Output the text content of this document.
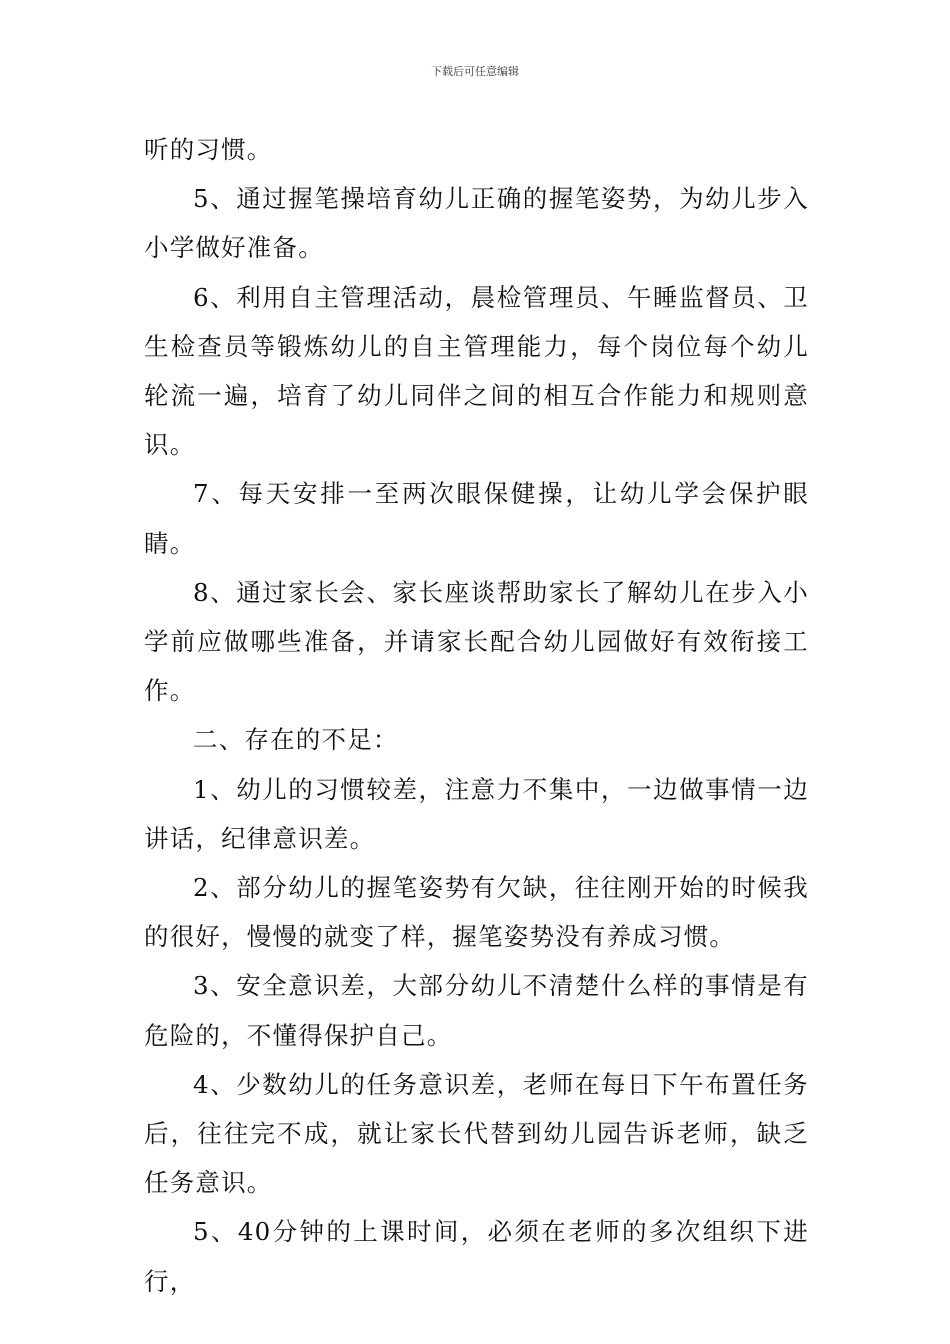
下载后可任意编辑

听的习惯。

5、通过握笔操培育幼儿正确的握笔姿势，为幼儿步入小学做好准备。

6、利用自主管理活动，晨检管理员、午睡监督员、卫生检查员等锻炼幼儿的自主管理能力，每个岗位每个幼儿轮流一遍，培育了幼儿同伴之间的相互合作能力和规则意识。

7、每天安排一至两次眼保健操，让幼儿学会保护眼睛。

8、通过家长会、家长座谈帮助家长了解幼儿在步入小学前应做哪些准备，并请家长配合幼儿园做好有效衔接工作。

二、存在的不足：

1、幼儿的习惯较差，注意力不集中，一边做事情一边讲话，纪律意识差。

2、部分幼儿的握笔姿势有欠缺，往往刚开始的时候我的很好，慢慢的就变了样，握笔姿势没有养成习惯。

3、安全意识差，大部分幼儿不清楚什么样的事情是有危险的，不懂得保护自己。

4、少数幼儿的任务意识差，老师在每日下午布置任务后，往往完不成，就让家长代替到幼儿园告诉老师，缺乏任务意识。

5、40分钟的上课时间，必须在老师的多次组织下进行，
